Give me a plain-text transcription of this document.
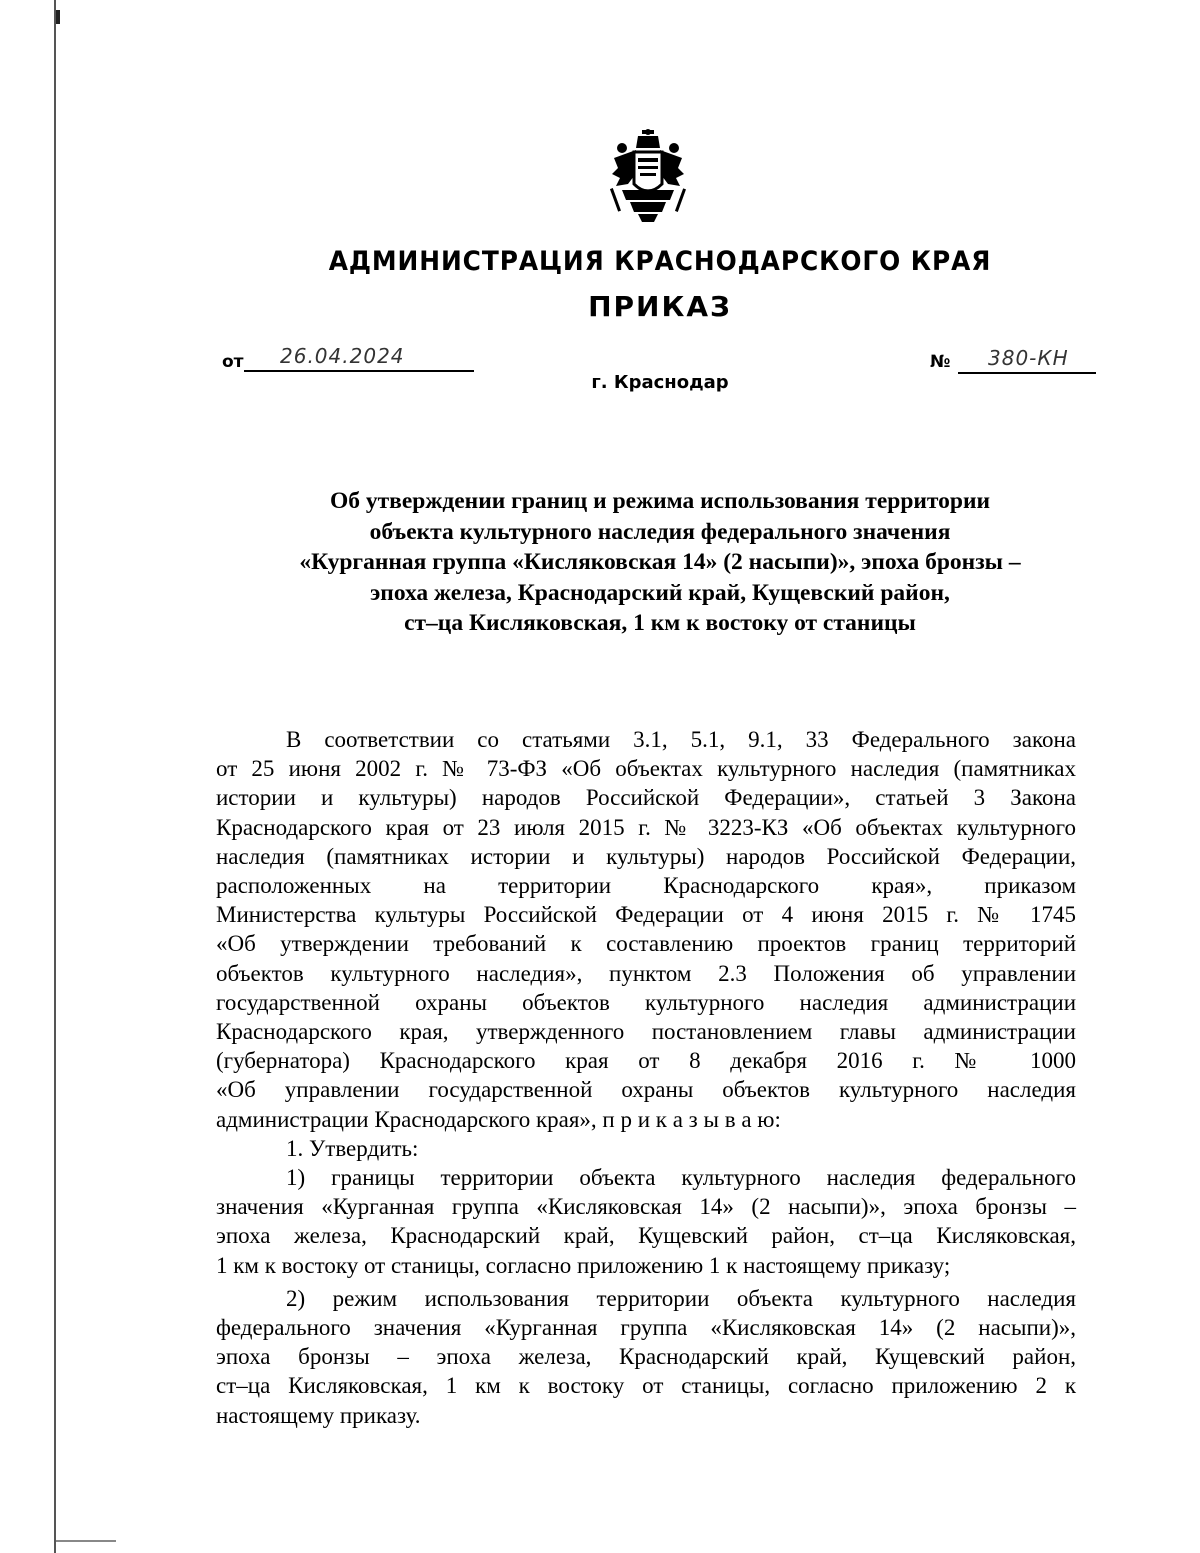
АДМИНИСТРАЦИЯ КРАСНОДАРСКОГО КРАЯ
ПРИКАЗ
от 26.04.2024	№ 380-КН
г. Краснодар
Об утверждении границ и режима использования территории
объекта культурного наследия федерального значения
«Курганная группа «Кисляковская 14» (2 насыпи)», эпоха бронзы –
эпоха железа, Краснодарский край, Кущевский район,
ст–ца Кисляковская, 1 км к востоку от станицы
В соответствии со статьями 3.1, 5.1, 9.1, 33 Федерального закона
от 25 июня 2002 г. № 73-ФЗ «Об объектах культурного наследия (памятниках
истории и культуры) народов Российской Федерации», статьей 3 Закона
Краснодарского края от 23 июля 2015 г. № 3223-КЗ «Об объектах культурного
наследия (памятниках истории и культуры) народов Российской Федерации,
расположенных на территории Краснодарского края», приказом
Министерства культуры Российской Федерации от 4 июня 2015 г. № 1745
«Об утверждении требований к составлению проектов границ территорий
объектов культурного наследия», пунктом 2.3 Положения об управлении
государственной охраны объектов культурного наследия администрации
Краснодарского края, утвержденного постановлением главы администрации
(губернатора) Краснодарского края от 8 декабря 2016 г. № 1000
«Об управлении государственной охраны объектов культурного наследия
администрации Краснодарского края», п р и к а з ы в а ю:
1. Утвердить:
1) границы территории объекта культурного наследия федерального
значения «Курганная группа «Кисляковская 14» (2 насыпи)», эпоха бронзы –
эпоха железа, Краснодарский край, Кущевский район, ст–ца Кисляковская,
1 км к востоку от станицы, согласно приложению 1 к настоящему приказу;
2) режим использования территории объекта культурного наследия
федерального значения «Курганная группа «Кисляковская 14» (2 насыпи)»,
эпоха бронзы – эпоха железа, Краснодарский край, Кущевский район,
ст–ца Кисляковская, 1 км к востоку от станицы, согласно приложению 2 к
настоящему приказу.
